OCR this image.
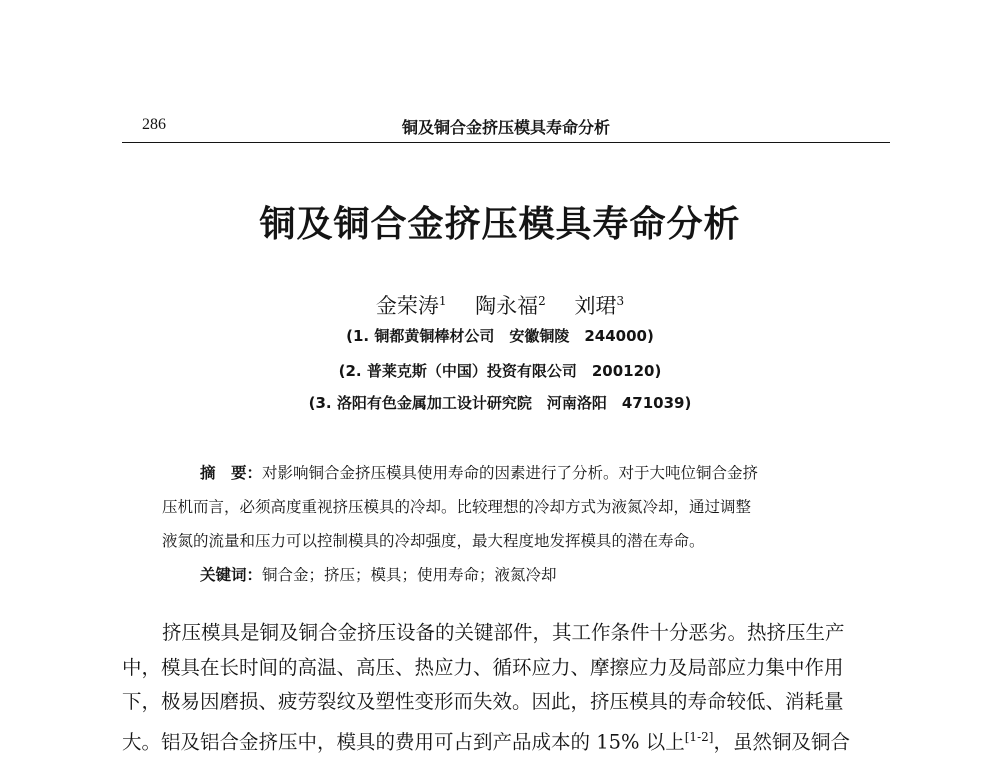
286	铜及铜合金挤压模具寿命分析
铜及铜合金挤压模具寿命分析
金荣涛$^1$ 陶永福$^2$ 刘珺$^3$
(1. 铜都黄铜棒材公司　安徽铜陵　244000)
(2. 普莱克斯（中国）投资有限公司　200120)
(3. 洛阳有色金属加工设计研究院　河南洛阳　471039)
摘　要：对影响铜合金挤压模具使用寿命的因素进行了分析。对于大吨位铜合金挤
压机而言，必须高度重视挤压模具的冷却。比较理想的冷却方式为液氮冷却，通过调整
液氮的流量和压力可以控制模具的冷却强度，最大程度地发挥模具的潜在寿命。
关键词：铜合金；挤压；模具；使用寿命；液氮冷却
挤压模具是铜及铜合金挤压设备的关键部件，其工作条件十分恶劣。热挤压生产
中，模具在长时间的高温、高压、热应力、循环应力、摩擦应力及局部应力集中作用
下，极易因磨损、疲劳裂纹及塑性变形而失效。因此，挤压模具的寿命较低、消耗量
大。铝及铝合金挤压中，模具的费用可占到产品成本的 15% 以上[1-2]，虽然铜及铜合
